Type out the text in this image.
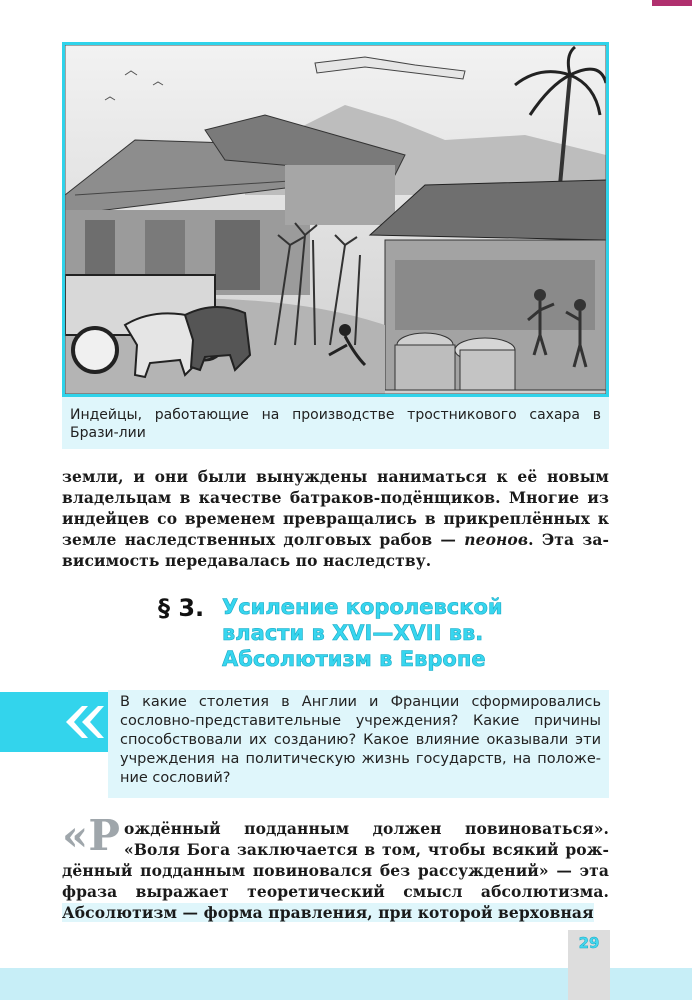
Индейцы, работающие на производстве тростникового сахара в Брази-лии
земли, и они были вынуждены наниматься к её новым владельцам в качестве батраков-подёнщиков. Многие из индейцев со временем превращались в прикреплённых к земле наследственных долговых рабов — пеонов. Эта за-висимость передавалась по наследству.
§ 3. Усиление королевской
власти в XVI—XVII вв.
Абсолютизм в Европе
В какие столетия в Англии и Франции сформировались сословно-представительные учреждения? Какие причины способствовали их созданию? Какое влияние оказывали эти учреждения на политическую жизнь государств, на положе-ние сословий?
«Р ождённый подданным должен повиноваться». «Воля Бога заключается в том, чтобы всякий рож-дённый подданным повиновался без рассуждений» — эта фраза выражает теоретический смысл абсолютизма. Абсолютизм — форма правления, при которой верховная
29
